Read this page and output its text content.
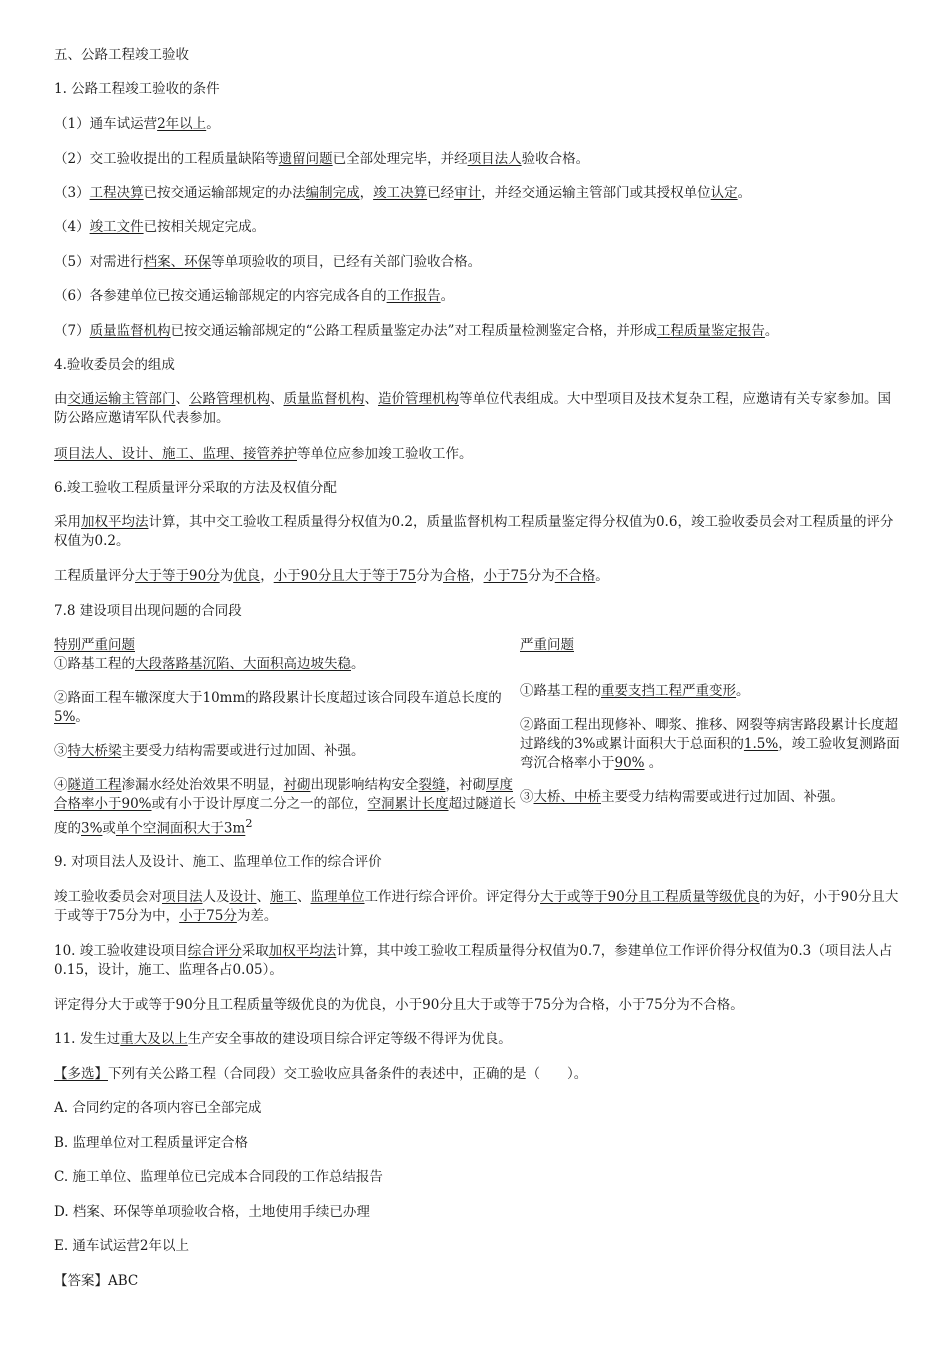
五、公路工程竣工验收

1. 公路工程竣工验收的条件

（1）通车试运营2年以上。

（2）交工验收提出的工程质量缺陷等遗留问题已全部处理完毕，并经项目法人验收合格。

（3）工程决算已按交通运输部规定的办法编制完成，竣工决算已经审计，并经交通运输主管部门或其授权单位认定。

（4）竣工文件已按相关规定完成。

（5）对需进行档案、环保等单项验收的项目，已经有关部门验收合格。

（6）各参建单位已按交通运输部规定的内容完成各自的工作报告。

（7）质量监督机构已按交通运输部规定的“公路工程质量鉴定办法”对工程质量检测鉴定合格，并形成工程质量鉴定报告。

4.验收委员会的组成

由交通运输主管部门、公路管理机构、质量监督机构、造价管理机构等单位代表组成。大中型项目及技术复杂工程，应邀请有关专家参加。国防公路应邀请军队代表参加。

项目法人、设计、施工、监理、接管养护等单位应参加竣工验收工作。

6.竣工验收工程质量评分采取的方法及权值分配

采用加权平均法计算，其中交工验收工程质量得分权值为0.2，质量监督机构工程质量鉴定得分权值为0.6，竣工验收委员会对工程质量的评分权值为0.2。

工程质量评分大于等于90分为优良，小于90分且大于等于75分为合格，小于75分为不合格。

7.8 建设项目出现问题的合同段

特别严重问题

①路基工程的大段落路基沉陷、大面积高边坡失稳。

②路面工程车辙深度大于10mm的路段累计长度超过该合同段车道总长度的5%。

③特大桥梁主要受力结构需要或进行过加固、补强。

④隧道工程渗漏水经处治效果不明显，衬砌出现影响结构安全裂缝，衬砌厚度合格率小于90%或有小于设计厚度二分之一的部位，空洞累计长度超过隧道长度的3%或单个空洞面积大于$3m^2$

严重问题

①路基工程的重要支挡工程严重变形。

②路面工程出现修补、唧浆、推移、网裂等病害路段累计长度超过路线的3%或累计面积大于总面积的1.5%，竣工验收复测路面弯沉合格率小于90% 。

③大桥、中桥主要受力结构需要或进行过加固、补强。

9. 对项目法人及设计、施工、监理单位工作的综合评价

竣工验收委员会对项目法人及设计、施工、监理单位工作进行综合评价。评定得分大于或等于90分且工程质量等级优良的为好，小于90分且大于或等于75分为中，小于75分为差。

10. 竣工验收建设项目综合评分采取加权平均法计算，其中竣工验收工程质量得分权值为0.7，参建单位工作评价得分权值为0.3（项目法人占0.15，设计，施工、监理各占0.05）。

评定得分大于或等于90分且工程质量等级优良的为优良，小于90分且大于或等于75分为合格，小于75分为不合格。

11. 发生过重大及以上生产安全事故的建设项目综合评定等级不得评为优良。

【多选】下列有关公路工程（合同段）交工验收应具备条件的表述中，正确的是（　　）。

A. 合同约定的各项内容已全部完成

B. 监理单位对工程质量评定合格

C. 施工单位、监理单位已完成本合同段的工作总结报告

D. 档案、环保等单项验收合格，土地使用手续已办理

E. 通车试运营2年以上

【答案】ABC
